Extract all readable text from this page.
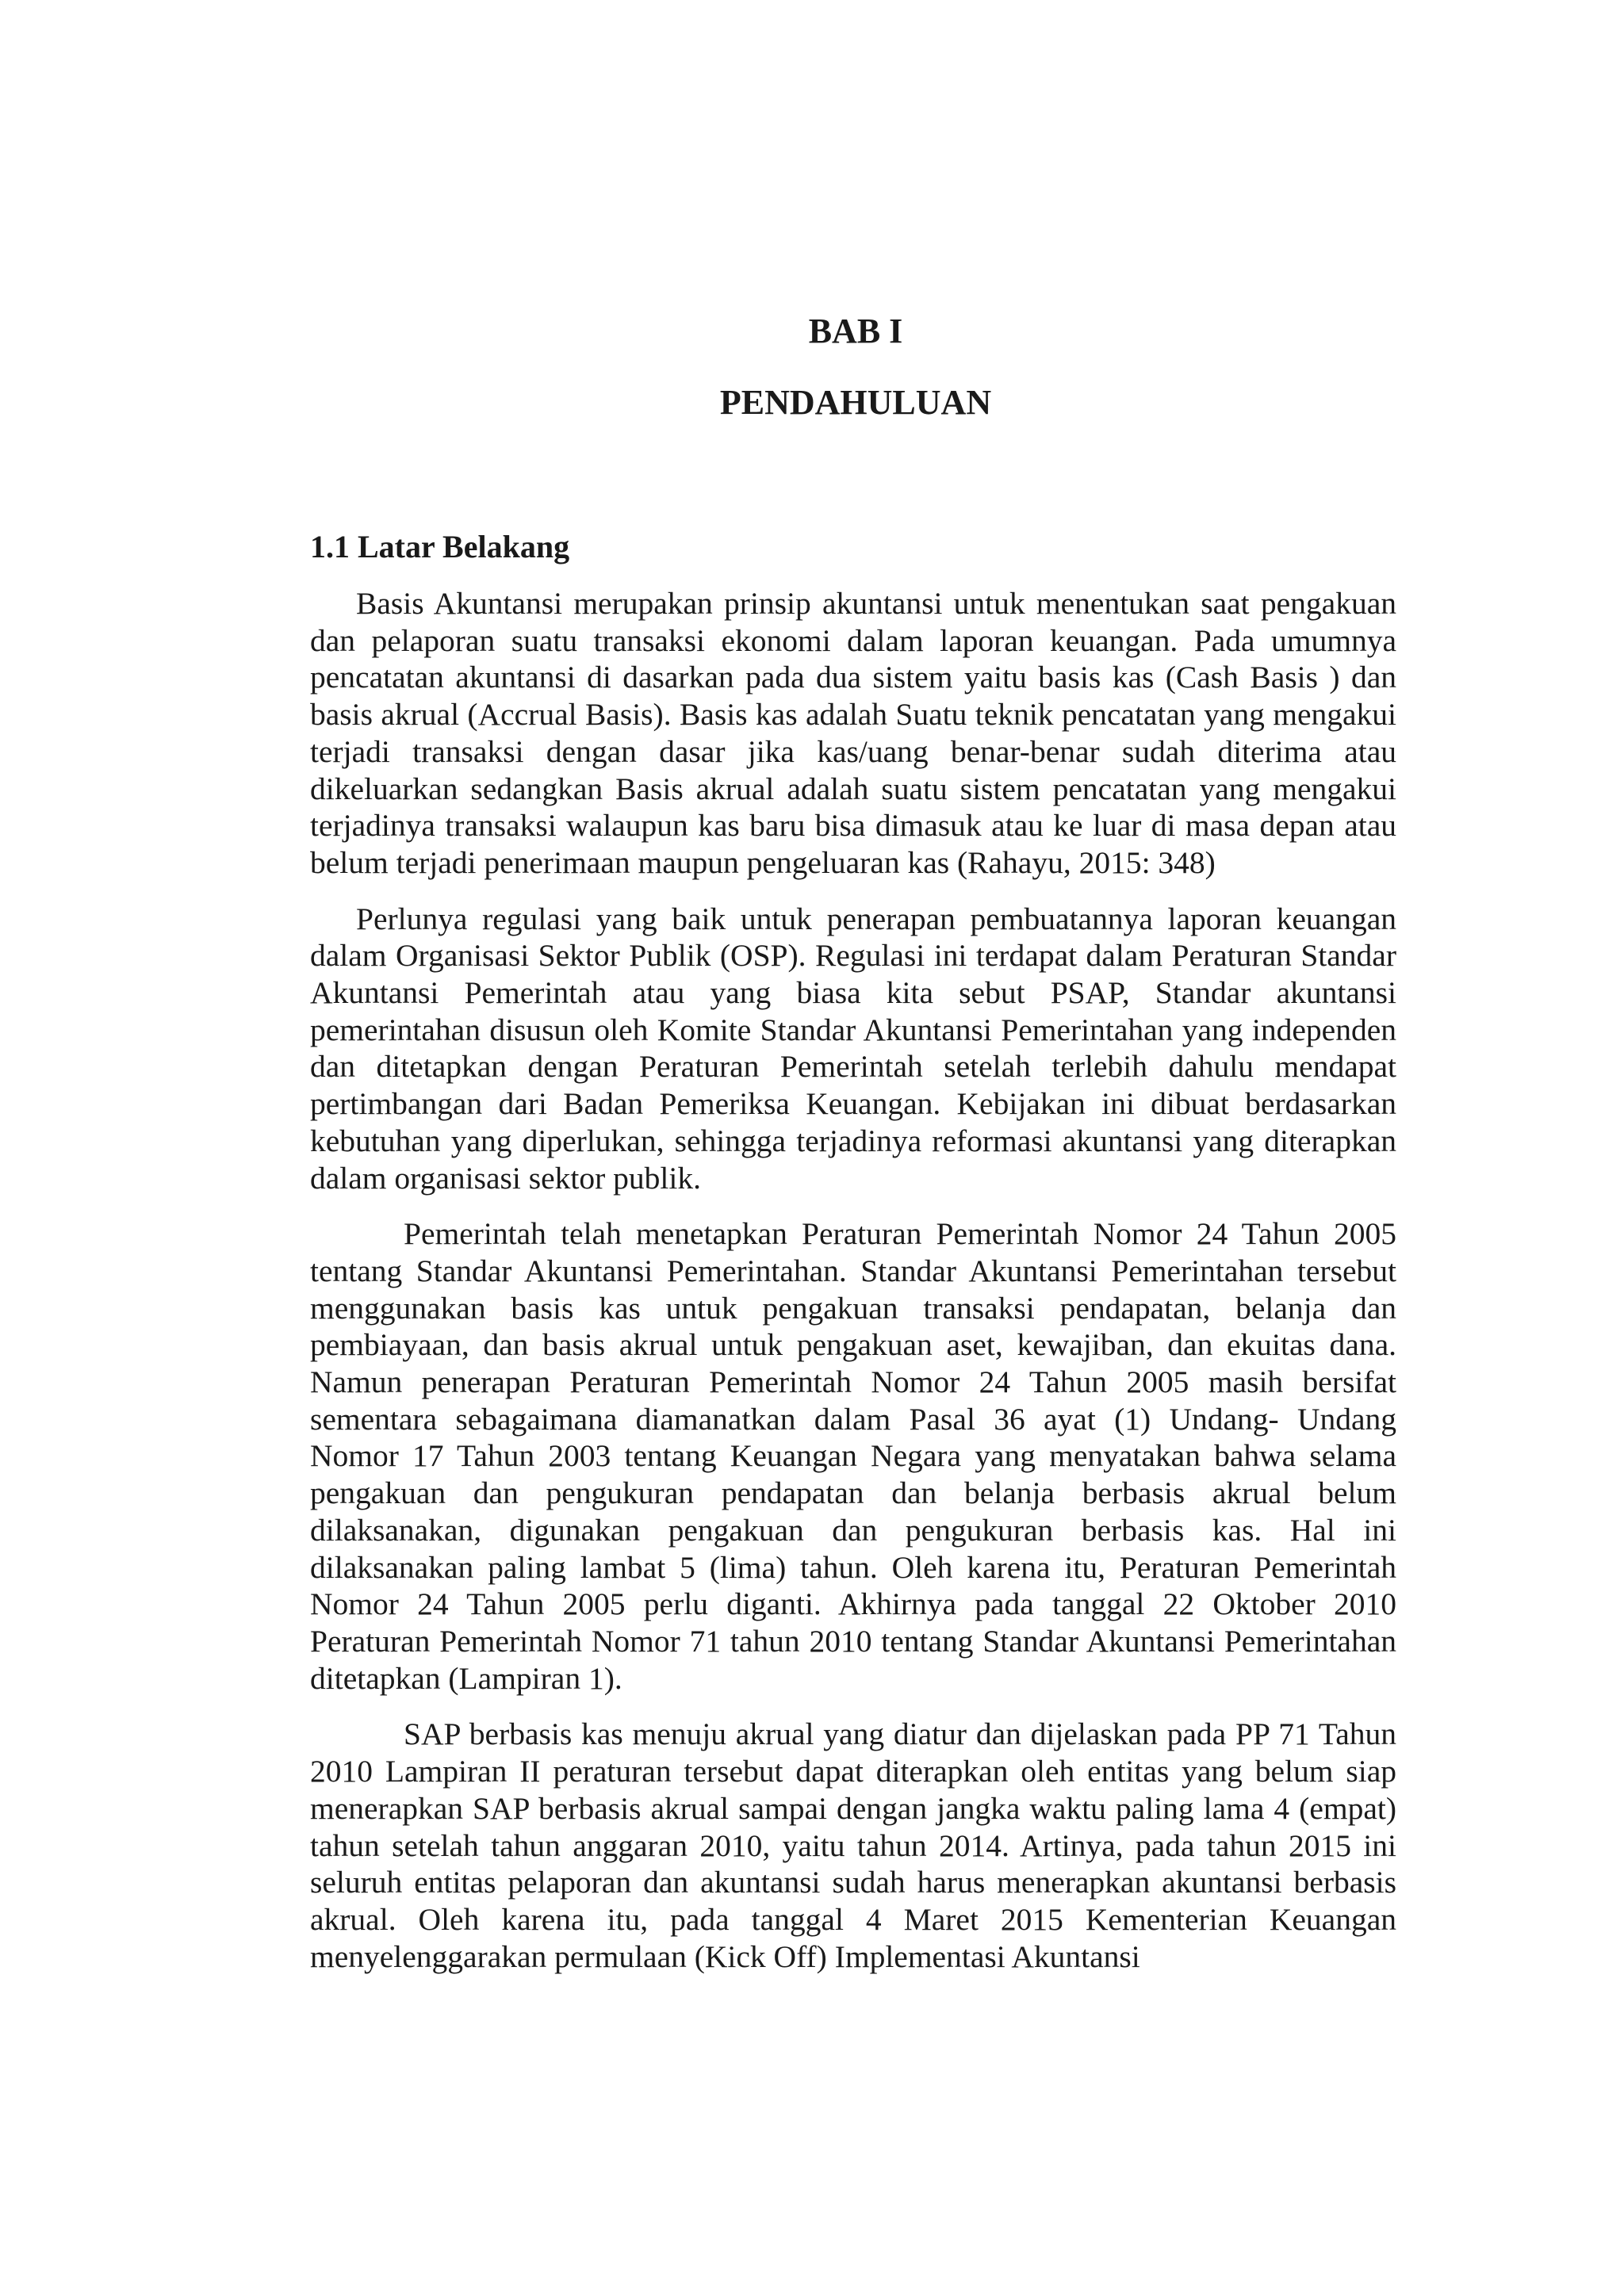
BAB I
PENDAHULUAN
1.1 Latar Belakang

Basis Akuntansi merupakan prinsip akuntansi untuk menentukan saat pengakuan dan pelaporan suatu transaksi ekonomi dalam laporan keuangan. Pada umumnya pencatatan akuntansi di dasarkan pada dua sistem yaitu basis kas (Cash Basis ) dan basis akrual (Accrual Basis). Basis kas adalah Suatu teknik pencatatan yang mengakui terjadi transaksi dengan dasar jika kas/uang benar-benar sudah diterima atau dikeluarkan sedangkan Basis akrual adalah suatu sistem pencatatan yang mengakui terjadinya transaksi walaupun kas baru bisa dimasuk atau ke luar di masa depan atau belum terjadi penerimaan maupun pengeluaran kas (Rahayu, 2015: 348)

Perlunya regulasi yang baik untuk penerapan pembuatannya laporan keuangan dalam Organisasi Sektor Publik (OSP). Regulasi ini terdapat dalam Peraturan Standar Akuntansi Pemerintah atau yang biasa kita sebut PSAP, Standar akuntansi pemerintahan disusun oleh Komite Standar Akuntansi Pemerintahan yang independen dan ditetapkan dengan Peraturan Pemerintah setelah terlebih dahulu mendapat pertimbangan dari Badan Pemeriksa Keuangan. Kebijakan ini dibuat berdasarkan kebutuhan yang diperlukan, sehingga terjadinya reformasi akuntansi yang diterapkan dalam organisasi sektor publik.

Pemerintah telah menetapkan Peraturan Pemerintah Nomor 24 Tahun 2005 tentang Standar Akuntansi Pemerintahan. Standar Akuntansi Pemerintahan tersebut menggunakan basis kas untuk pengakuan transaksi pendapatan, belanja dan pembiayaan, dan basis akrual untuk pengakuan aset, kewajiban, dan ekuitas dana. Namun penerapan Peraturan Pemerintah Nomor 24 Tahun 2005 masih bersifat sementara sebagaimana diamanatkan dalam Pasal 36 ayat (1) Undang- Undang Nomor 17 Tahun 2003 tentang Keuangan Negara yang menyatakan bahwa selama pengakuan dan pengukuran pendapatan dan belanja berbasis akrual belum dilaksanakan, digunakan pengakuan dan pengukuran berbasis kas. Hal ini dilaksanakan paling lambat 5 (lima) tahun. Oleh karena itu, Peraturan Pemerintah Nomor 24 Tahun 2005 perlu diganti. Akhirnya pada tanggal 22 Oktober 2010 Peraturan Pemerintah Nomor 71 tahun 2010 tentang Standar Akuntansi Pemerintahan ditetapkan (Lampiran 1).

SAP berbasis kas menuju akrual yang diatur dan dijelaskan pada PP 71 Tahun 2010 Lampiran II peraturan tersebut dapat diterapkan oleh entitas yang belum siap menerapkan SAP berbasis akrual sampai dengan jangka waktu paling lama 4 (empat) tahun setelah tahun anggaran 2010, yaitu tahun 2014. Artinya, pada tahun 2015 ini seluruh entitas pelaporan dan akuntansi sudah harus menerapkan akuntansi berbasis akrual. Oleh karena itu, pada tanggal 4 Maret 2015 Kementerian Keuangan menyelenggarakan permulaan (Kick Off) Implementasi Akuntansi
